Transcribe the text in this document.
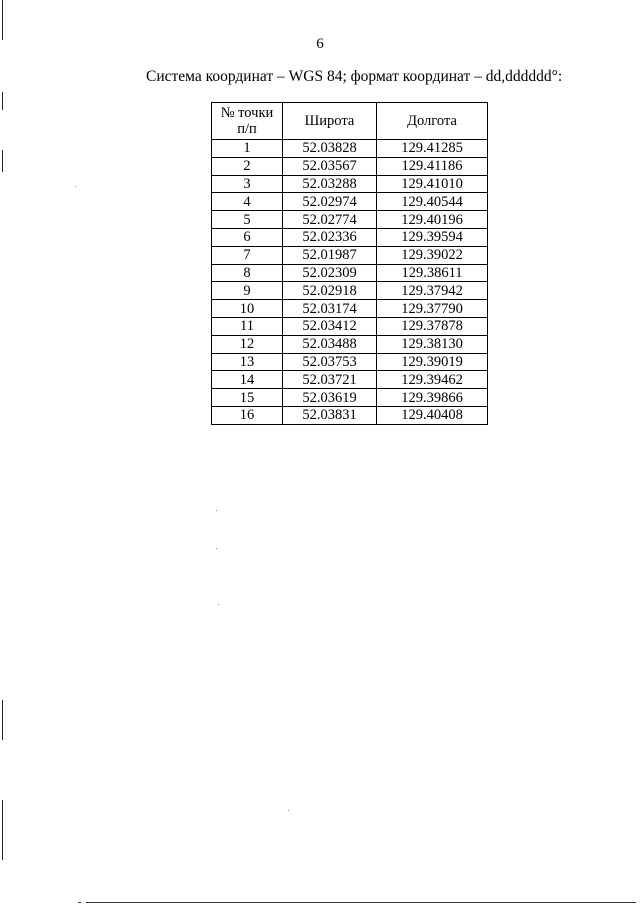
6
Система координат – WGS 84; формат координат – dd,dddddd°:
№ точки п/п	Широта	Долгота
1	52.03828	129.41285
2	52.03567	129.41186
3	52.03288	129.41010
4	52.02974	129.40544
5	52.02774	129.40196
6	52.02336	129.39594
7	52.01987	129.39022
8	52.02309	129.38611
9	52.02918	129.37942
10	52.03174	129.37790
11	52.03412	129.37878
12	52.03488	129.38130
13	52.03753	129.39019
14	52.03721	129.39462
15	52.03619	129.39866
16	52.03831	129.40408
